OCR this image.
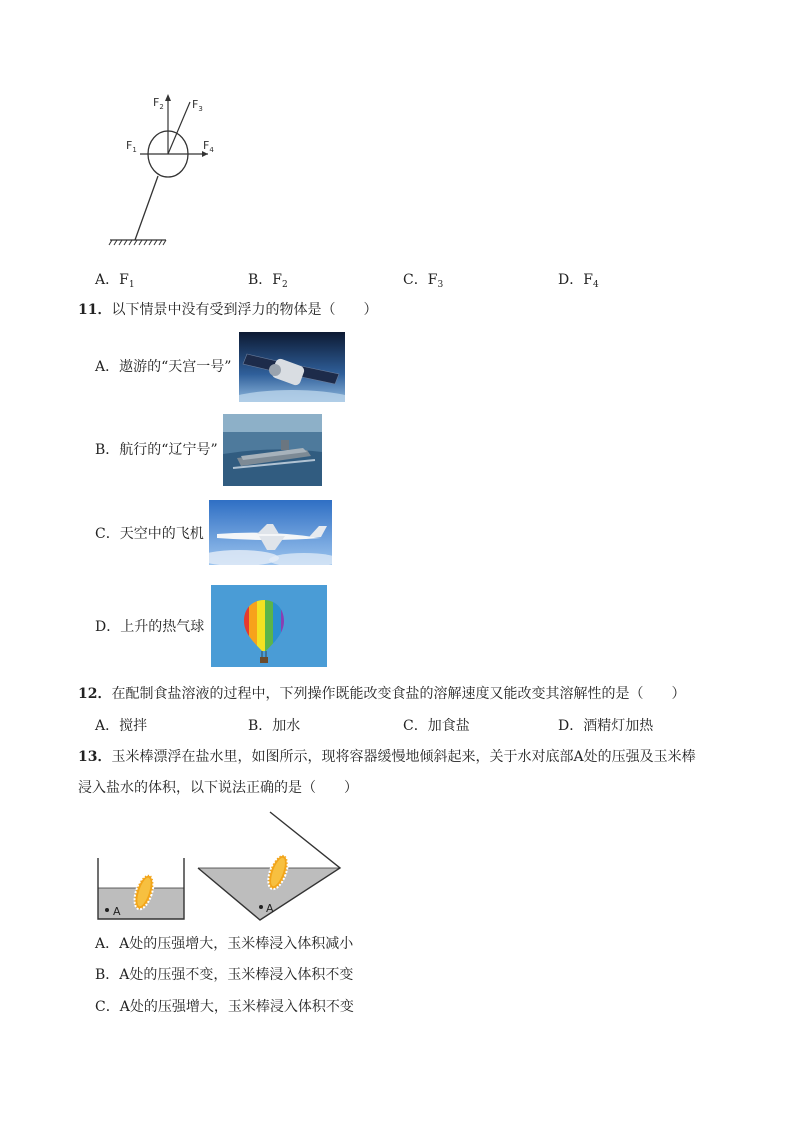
$F_2$	$F_3$
$F_1$	$F_4$
A．$F_1$	B．$F_2$	C．$F_3$	D．$F_4$
11．以下情景中没有受到浮力的物体是（　　）
A．遨游的“天宫一号”
B．航行的“辽宁号”
C．天空中的飞机
D．上升的热气球
12．在配制食盐溶液的过程中，下列操作既能改变食盐的溶解速度又能改变其溶解性的是（　　）
A．搅拌	B．加水	C．加食盐	D．酒精灯加热
13．玉米棒漂浮在盐水里，如图所示，现将容器缓慢地倾斜起来，关于水对底部A处的压强及玉米棒
浸入盐水的体积，以下说法正确的是（　　）
A	A
A．A处的压强增大，玉米棒浸入体积减小
B．A处的压强不变，玉米棒浸入体积不变
C．A处的压强增大，玉米棒浸入体积不变
